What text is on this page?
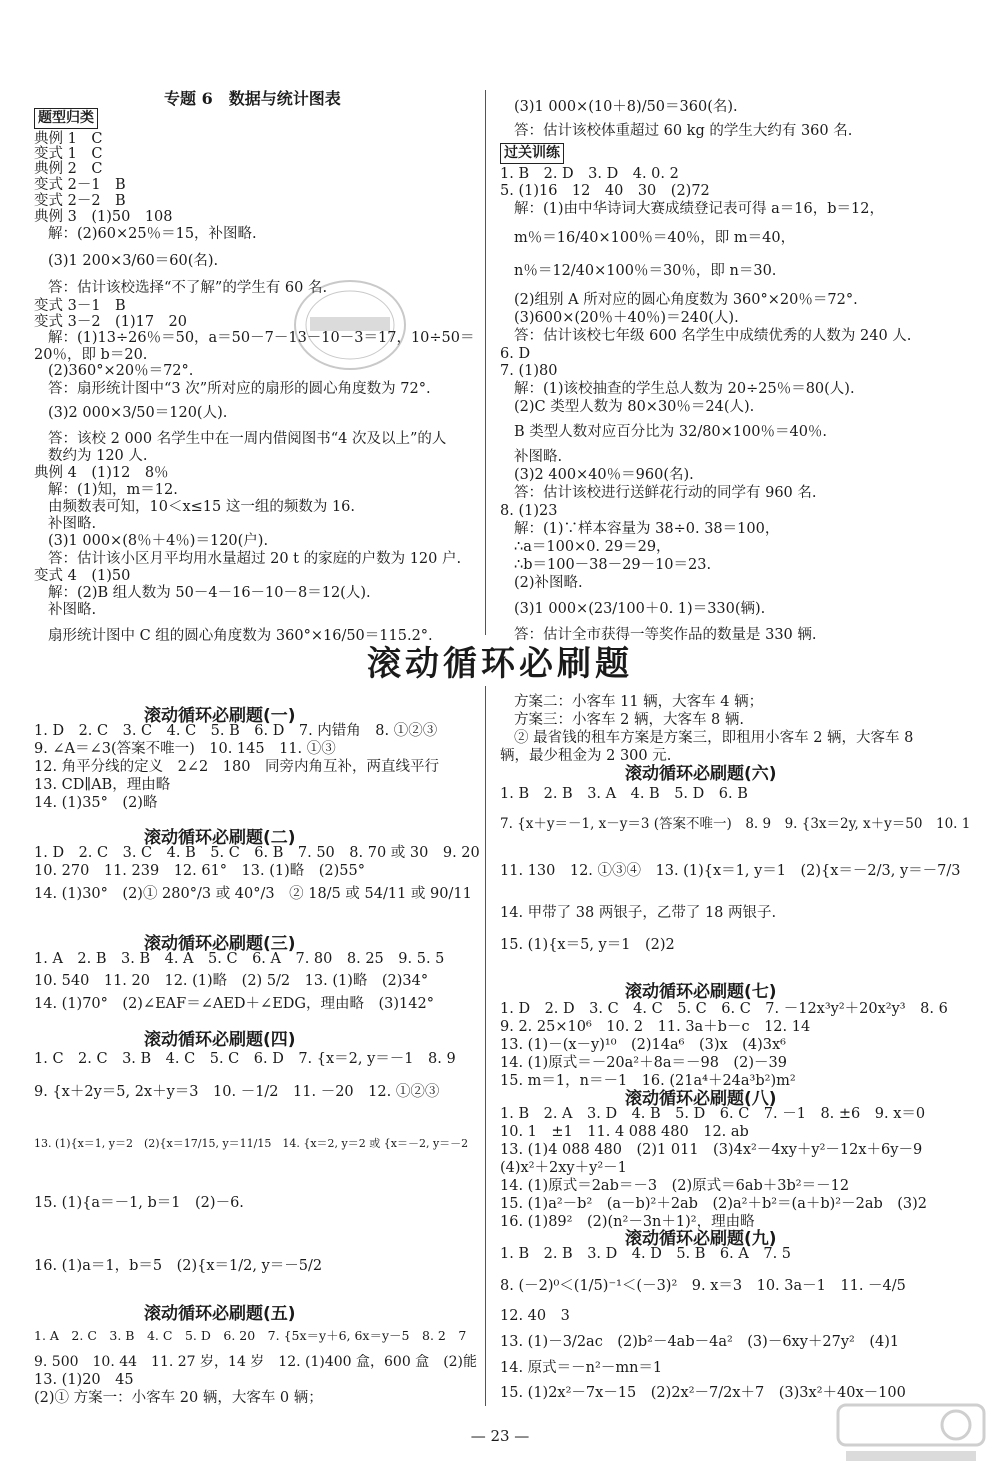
专题 6　数据与统计图表
题型归类
典例 1　C
变式 1　C
典例 2　C
变式 2－1　B
变式 2－2　B
典例 3　(1)50　108
解：(2)60×25％＝15，补图略.
(3)1 200×3/60＝60(名).
答：估计该校选择“不了解”的学生有 60 名.
变式 3－1　B
变式 3－2　(1)17　20
解：(1)13÷26％＝50，a＝50－7－13－10－3＝17，10÷50＝
20％，即 b＝20.
(2)360°×20％＝72°.
答：扇形统计图中“3 次”所对应的扇形的圆心角度数为 72°.
(3)2 000×3/50＝120(人).
答：该校 2 000 名学生中在一周内借阅图书“4 次及以上”的人
数约为 120 人.
典例 4　(1)12　8％
解：(1)知，m＝12.
由频数表可知，10＜x≤15 这一组的频数为 16.
补图略.
(3)1 000×(8％＋4％)＝120(户).
答：估计该小区月平均用水量超过 20 t 的家庭的户数为 120 户.
变式 4　(1)50
解：(2)B 组人数为 50－4－16－10－8＝12(人).
补图略.
扇形统计图中 C 组的圆心角度数为 360°×16/50＝115.2°.
过关训练
(3)1 000×(10＋8)/50＝360(名).
答：估计该校体重超过 60 kg 的学生大约有 360 名.
1. B　2. D　3. D　4. 0. 2
5. (1)16　12　40　30　(2)72
解：(1)由中华诗词大赛成绩登记表可得 a＝16，b＝12，
m％＝16/40×100％＝40％，即 m＝40，
n％＝12/40×100％＝30％，即 n＝30.
(2)组别 A 所对应的圆心角度数为 360°×20％＝72°.
(3)600×(20％＋40％)＝240(人).
答：估计该校七年级 600 名学生中成绩优秀的人数为 240 人.
6. D
7. (1)80
解：(1)该校抽查的学生总人数为 20÷25％＝80(人).
(2)C 类型人数为 80×30％＝24(人).
B 类型人数对应百分比为 32/80×100％＝40％.
补图略.
(3)2 400×40％＝960(名).
答：估计该校进行送鲜花行动的同学有 960 名.
8. (1)23
解：(1)∵样本容量为 38÷0. 38＝100，
∴a＝100×0. 29＝29，
∴b＝100－38－29－10＝23.
(2)补图略.
(3)1 000×(23/100＋0. 1)＝330(辆).
答：估计全市获得一等奖作品的数量是 330 辆.
滚动循环必刷题
滚动循环必刷题(一)
1. D　2. C　3. C　4. C　5. B　6. D　7. 内错角　8. ①②③
9. ∠A＝∠3(答案不唯一)　10. 145　11. ①③
12. 角平分线的定义　2∠2　180　同旁内角互补，两直线平行
13. CD∥AB，理由略
14. (1)35°　(2)略
滚动循环必刷题(二)
1. D　2. C　3. C　4. B　5. C　6. B　7. 50　8. 70 或 30　9. 20
10. 270　11. 239　12. 61°　13. (1)略　(2)55°
14. (1)30°　(2)① 280°/3 或 40°/3　② 18/5 或 54/11 或 90/11
滚动循环必刷题(三)
1. A　2. B　3. B　4. A　5. C　6. A　7. 80　8. 25　9. 5. 5
10. 540　11. 20　12. (1)略　(2) 5/2　13. (1)略　(2)34°
14. (1)70°　(2)∠EAF＝∠AED＋∠EDG，理由略　(3)142°
滚动循环必刷题(四)
1. C　2. C　3. B　4. C　5. C　6. D　7. {x＝2, y＝－1　8. 9
9. {x＋2y＝5, 2x＋y＝3　10. －1/2　11. －20　12. ①②③
13. (1){x＝1, y＝2　(2){x＝17/15, y＝11/15　14. {x＝2, y＝2 或 {x＝－2, y＝－2
15. (1){a＝－1, b＝1　(2)－6.
16. (1)a＝1，b＝5　(2){x＝1/2, y＝－5/2
滚动循环必刷题(五)
1. A　2. C　3. B　4. C　5. D　6. 20　7. {5x＝y＋6, 6x＝y－5　8. 2　7
9. 500　10. 44　11. 27 岁，14 岁　12. (1)400 盒，600 盒　(2)能
13. (1)20　45
(2)① 方案一：小客车 20 辆，大客车 0 辆；
方案二：小客车 11 辆，大客车 4 辆；
方案三：小客车 2 辆，大客车 8 辆.
② 最省钱的租车方案是方案三，即租用小客车 2 辆，大客车 8
辆，最少租金为 2 300 元.
滚动循环必刷题(六)
1. B　2. B　3. A　4. B　5. D　6. B
7. {x＋y＝－1, x－y＝3 (答案不唯一)　8. 9　9. {3x＝2y, x＋y＝50　10. 1
11. 130　12. ①③④　13. (1){x＝1, y＝1　(2){x＝－2/3, y＝－7/3
14. 甲带了 38 两银子，乙带了 18 两银子.
15. (1){x＝5, y＝1　(2)2
滚动循环必刷题(七)
1. D　2. D　3. C　4. C　5. C　6. C　7. －12x³y²＋20x²y³　8. 6
9. 2. 25×10⁶　10. 2　11. 3a＋b－c　12. 14
13. (1)－(x－y)¹⁰　(2)14a⁶　(3)x　(4)3x⁶
14. (1)原式＝－20a²＋8a＝－98　(2)－39
15. m＝1，n＝－1　16. (21a⁴＋24a³b²)m²
滚动循环必刷题(八)
1. B　2. A　3. D　4. B　5. D　6. C　7. －1　8. ±6　9. x＝0
10. 1　±1　11. 4 088 480　12. ab
13. (1)4 088 480　(2)1 011　(3)4x²－4xy＋y²－12x＋6y－9
(4)x²＋2xy＋y²－1
14. (1)原式＝2ab＝－3　(2)原式＝6ab＋3b²＝－12
15. (1)a²－b²　(a－b)²＋2ab　(2)a²＋b²＝(a＋b)²－2ab　(3)2
16. (1)89²　(2)(n²－3n＋1)²，理由略
滚动循环必刷题(九)
1. B　2. B　3. D　4. D　5. B　6. A　7. 5
8. (－2)⁰＜(1/5)⁻¹＜(－3)²　9. x＝3　10. 3a－1　11. －4/5
12. 40　3
13. (1)－3/2ac　(2)b²－4ab－4a²　(3)－6xy＋27y²　(4)1
14. 原式＝－n²－mn＝1
15. (1)2x²－7x－15　(2)2x²－7/2x＋7　(3)3x²＋40x－100
— 23 —
